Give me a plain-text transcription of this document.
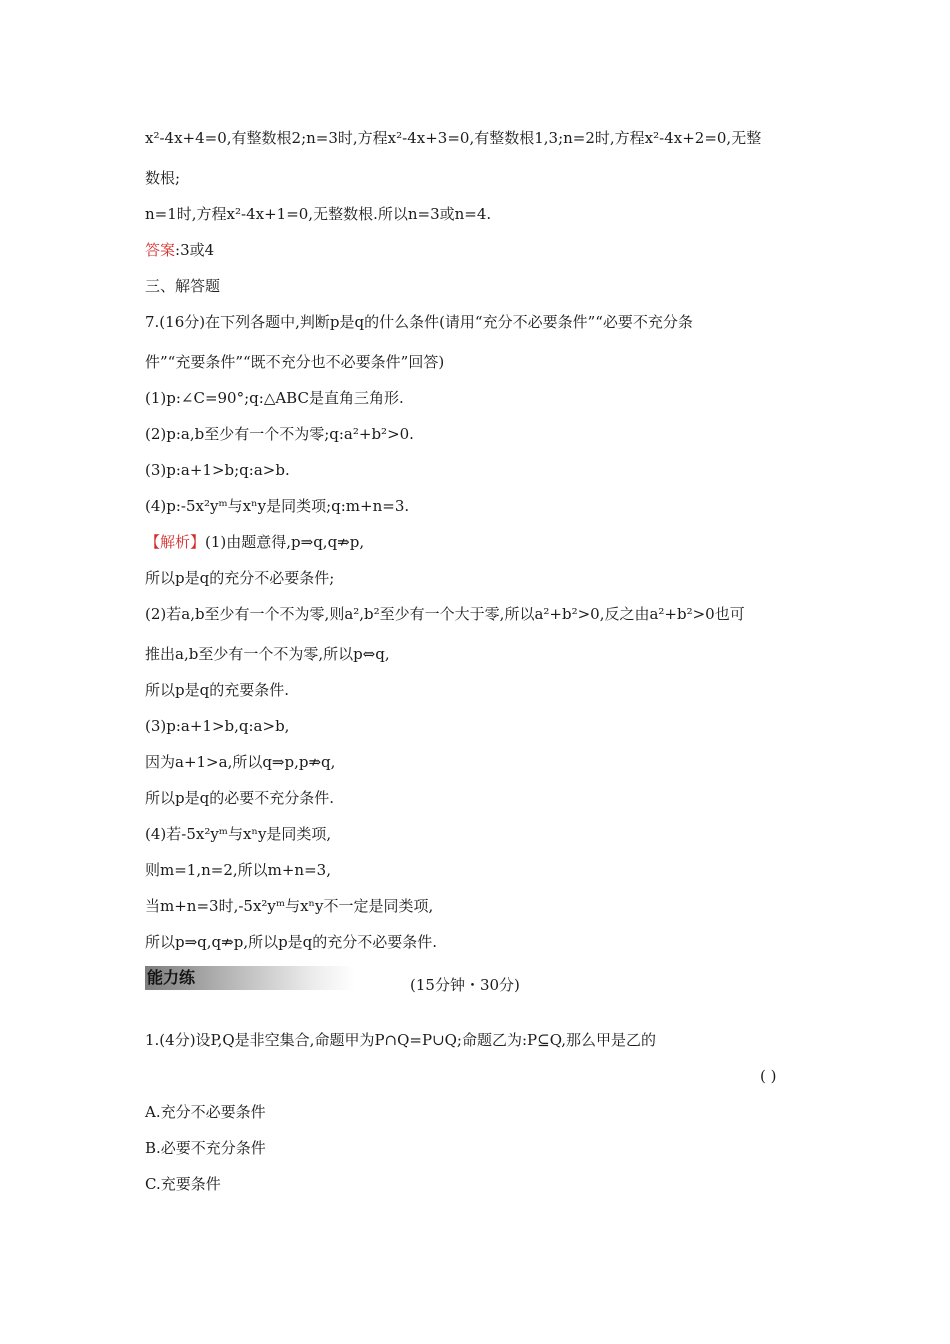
x²-4x+4=0,有整数根2;n=3时,方程x²-4x+3=0,有整数根1,3;n=2时,方程x²-4x+2=0,无整
数根;
n=1时,方程x²-4x+1=0,无整数根.所以n=3或n=4.
答案:3或4
三、解答题
7.(16分)在下列各题中,判断p是q的什么条件(请用“充分不必要条件”“必要不充分条
件”“充要条件”“既不充分也不必要条件”回答)
(1)p:∠C=90°;q:△ABC是直角三角形.
(2)p:a,b至少有一个不为零;q:a²+b²>0.
(3)p:a+1>b;q:a>b.
(4)p:-5x²yᵐ与xⁿy是同类项;q:m+n=3.
【解析】(1)由题意得,p⇒q,q⇏p,
所以p是q的充分不必要条件;
(2)若a,b至少有一个不为零,则a²,b²至少有一个大于零,所以a²+b²>0,反之由a²+b²>0也可
推出a,b至少有一个不为零,所以p⇔q,
所以p是q的充要条件.
(3)p:a+1>b,q:a>b,
因为a+1>a,所以q⇒p,p⇏q,
所以p是q的必要不充分条件.
(4)若-5x²yᵐ与xⁿy是同类项,
则m=1,n=2,所以m+n=3,
当m+n=3时,-5x²yᵐ与xⁿy不一定是同类项,
所以p⇒q,q⇏p,所以p是q的充分不必要条件.
能力练	(15分钟・30分)
1.(4分)设P,Q是非空集合,命题甲为P∩Q=P∪Q;命题乙为:P⊆Q,那么甲是乙的
A.充分不必要条件
B.必要不充分条件
C.充要条件
( )
